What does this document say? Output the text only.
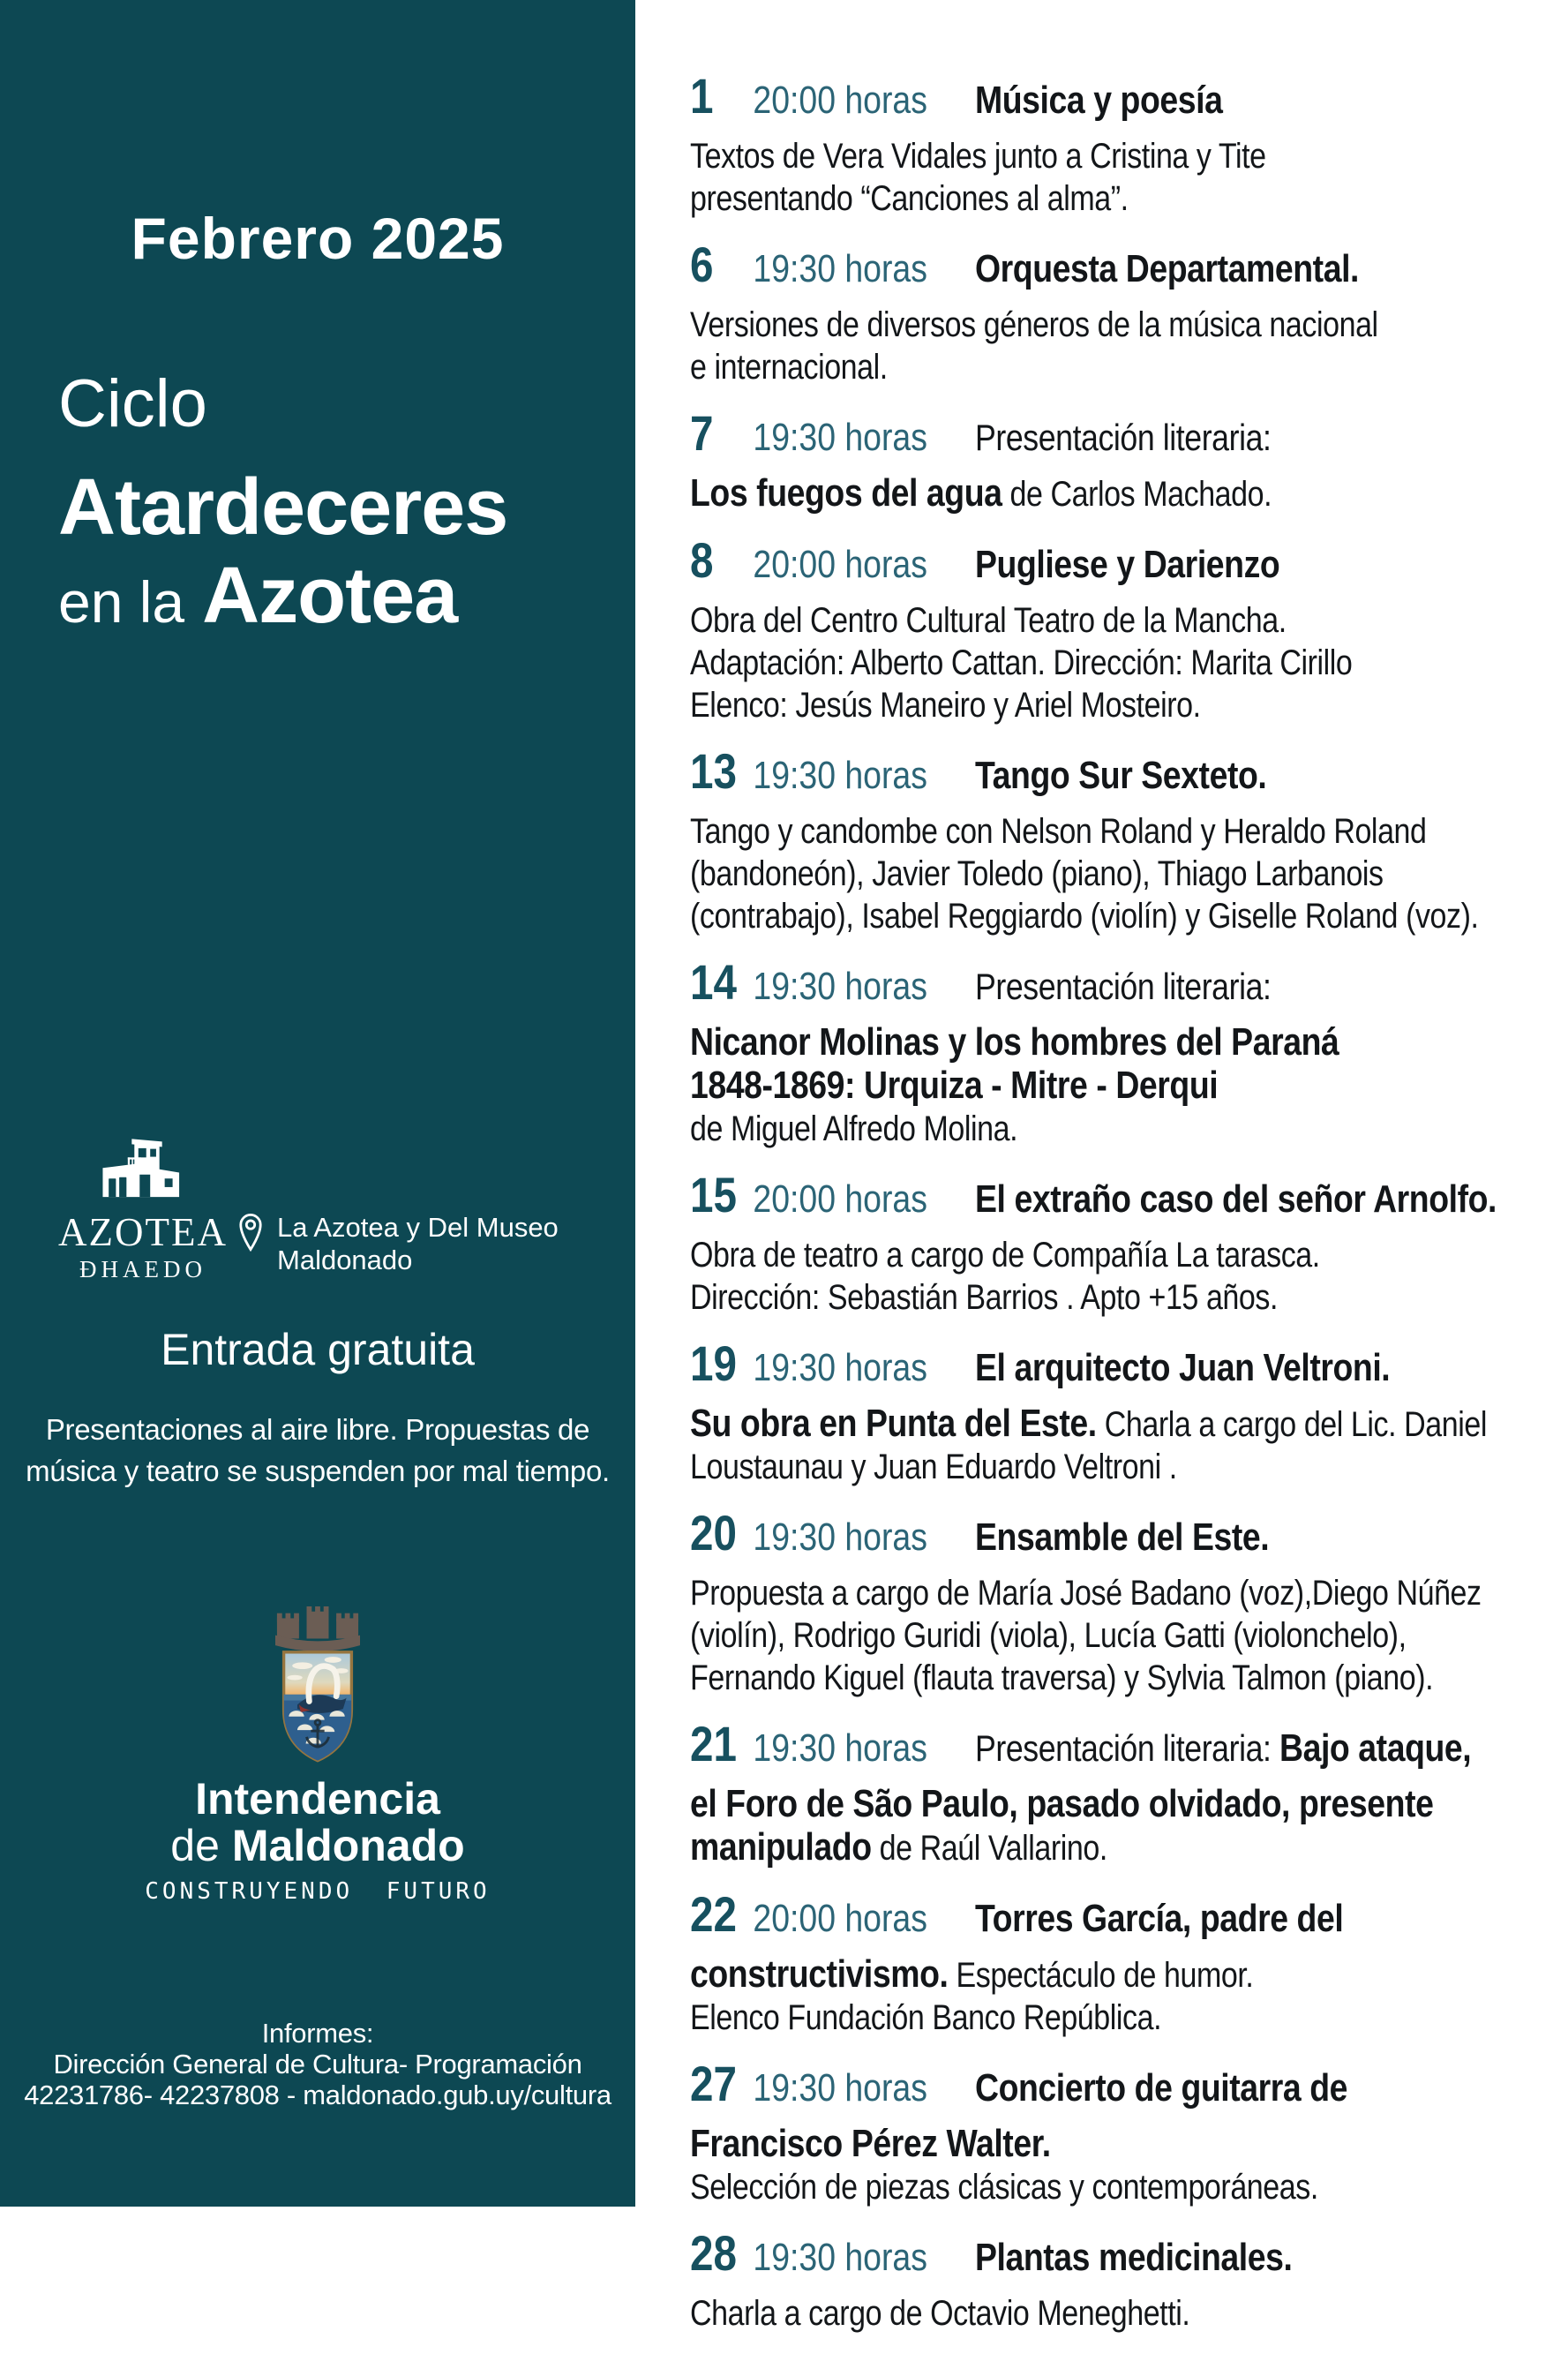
Febrero 2025
Ciclo
Atardeceres
en la Azotea
AZOTEA
ĐHAEDO
La Azotea y Del Museo
Maldonado
Entrada gratuita
Presentaciones al aire libre. Propuestas de
música y teatro se suspenden por mal tiempo.
Intendencia
de Maldonado
CONSTRUYENDO FUTURO
Informes:
Dirección General de Cultura- Programación
42231786- 42237808 - maldonado.gub.uy/cultura
1 20:00 horas Música y poesía
Textos de Vera Vidales junto a Cristina y Tite
presentando “Canciones al alma”.
6 19:30 horas Orquesta Departamental.
Versiones de diversos géneros de la música nacional
e internacional.
7 19:30 horas Presentación literaria:
Los fuegos del agua de Carlos Machado.
8 20:00 horas Pugliese y Darienzo
Obra del Centro Cultural Teatro de la Mancha.
Adaptación: Alberto Cattan. Dirección: Marita Cirillo
Elenco: Jesús Maneiro y Ariel Mosteiro.
13 19:30 horas Tango Sur Sexteto.
Tango y candombe con Nelson Roland y Heraldo Roland
(bandoneón), Javier Toledo (piano), Thiago Larbanois
(contrabajo), Isabel Reggiardo (violín) y Giselle Roland (voz).
14 19:30 horas Presentación literaria:
Nicanor Molinas y los hombres del Paraná
1848-1869: Urquiza - Mitre - Derqui
de Miguel Alfredo Molina.
15 20:00 horas El extraño caso del señor Arnolfo.
Obra de teatro a cargo de Compañía La tarasca.
Dirección: Sebastián Barrios . Apto +15 años.
19 19:30 horas El arquitecto Juan Veltroni.
Su obra en Punta del Este. Charla a cargo del Lic. Daniel
Loustaunau y Juan Eduardo Veltroni .
20 19:30 horas Ensamble del Este.
Propuesta a cargo de María José Badano (voz),Diego Núñez
(violín), Rodrigo Guridi (viola), Lucía Gatti (violonchelo),
Fernando Kiguel (flauta traversa) y Sylvia Talmon (piano).
21 19:30 horas Presentación literaria: Bajo ataque,
el Foro de São Paulo, pasado olvidado, presente
manipulado de Raúl Vallarino.
22 20:00 horas Torres García, padre del
constructivismo. Espectáculo de humor.
Elenco Fundación Banco República.
27 19:30 horas Concierto de guitarra de
Francisco Pérez Walter.
Selección de piezas clásicas y contemporáneas.
28 19:30 horas Plantas medicinales.
Charla a cargo de Octavio Meneghetti.
